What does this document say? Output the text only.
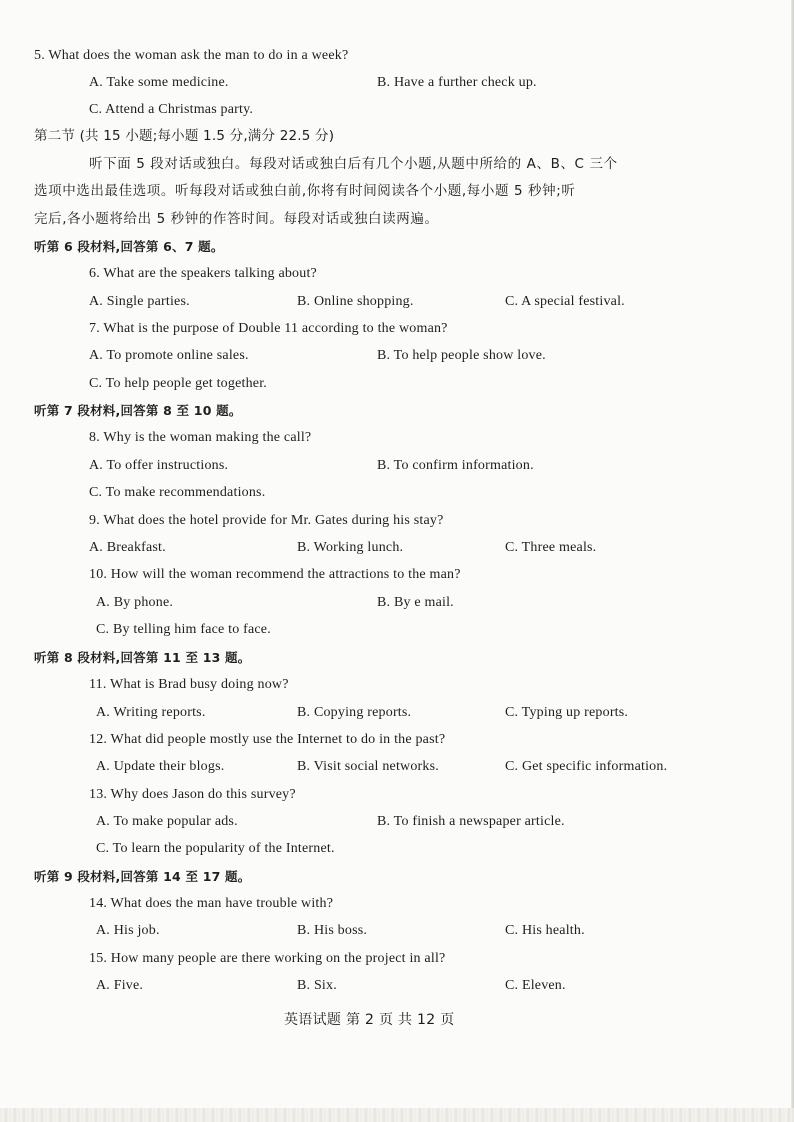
5. What does the woman ask the man to do in a week?
A. Take some medicine.	B. Have a further check up.
C. Attend a Christmas party.
第二节 (共 15 小题;每小题 1.5 分,满分 22.5 分)
听下面 5 段对话或独白。每段对话或独白后有几个小题,从题中所给的 A、B、C 三个
选项中选出最佳选项。听每段对话或独白前,你将有时间阅读各个小题,每小题 5 秒钟;听
完后,各小题将给出 5 秒钟的作答时间。每段对话或独白读两遍。
听第 6 段材料,回答第 6、7 题。
6. What are the speakers talking about?
A. Single parties.	B. Online shopping.	C. A special festival.
7. What is the purpose of Double 11 according to the woman?
A. To promote online sales.	B. To help people show love.
C. To help people get together.
听第 7 段材料,回答第 8 至 10 题。
8. Why is the woman making the call?
A. To offer instructions.	B. To confirm information.
C. To make recommendations.
9. What does the hotel provide for Mr. Gates during his stay?
A. Breakfast.	B. Working lunch.	C. Three meals.
10. How will the woman recommend the attractions to the man?
A. By phone.	B. By e mail.
C. By telling him face to face.
听第 8 段材料,回答第 11 至 13 题。
11. What is Brad busy doing now?
A. Writing reports.	B. Copying reports.	C. Typing up reports.
12. What did people mostly use the Internet to do in the past?
A. Update their blogs.	B. Visit social networks.	C. Get specific information.
13. Why does Jason do this survey?
A. To make popular ads.	B. To finish a newspaper article.
C. To learn the popularity of the Internet.
听第 9 段材料,回答第 14 至 17 题。
14. What does the man have trouble with?
A. His job.	B. His boss.	C. His health.
15. How many people are there working on the project in all?
A. Five.	B. Six.	C. Eleven.
英语试题 第 2 页 共 12 页
